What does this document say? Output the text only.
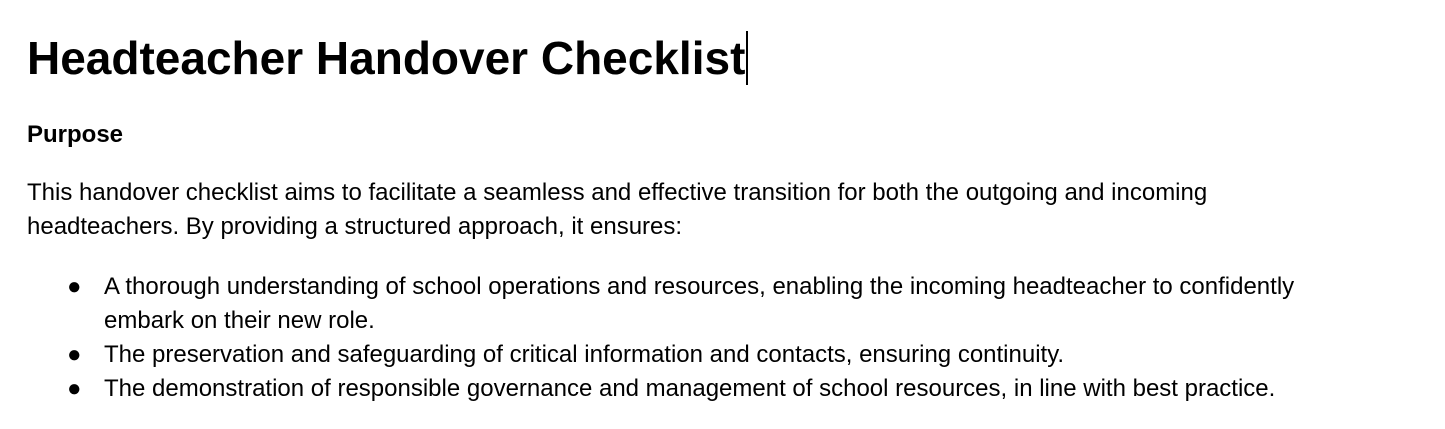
Headteacher Handover Checklist
Purpose

This handover checklist aims to facilitate a seamless and effective transition for both the outgoing and incoming
headteachers. By providing a structured approach, it ensures:

● A thorough understanding of school operations and resources, enabling the incoming headteacher to confidently
embark on their new role.
● The preservation and safeguarding of critical information and contacts, ensuring continuity.
● The demonstration of responsible governance and management of school resources, in line with best practice.
